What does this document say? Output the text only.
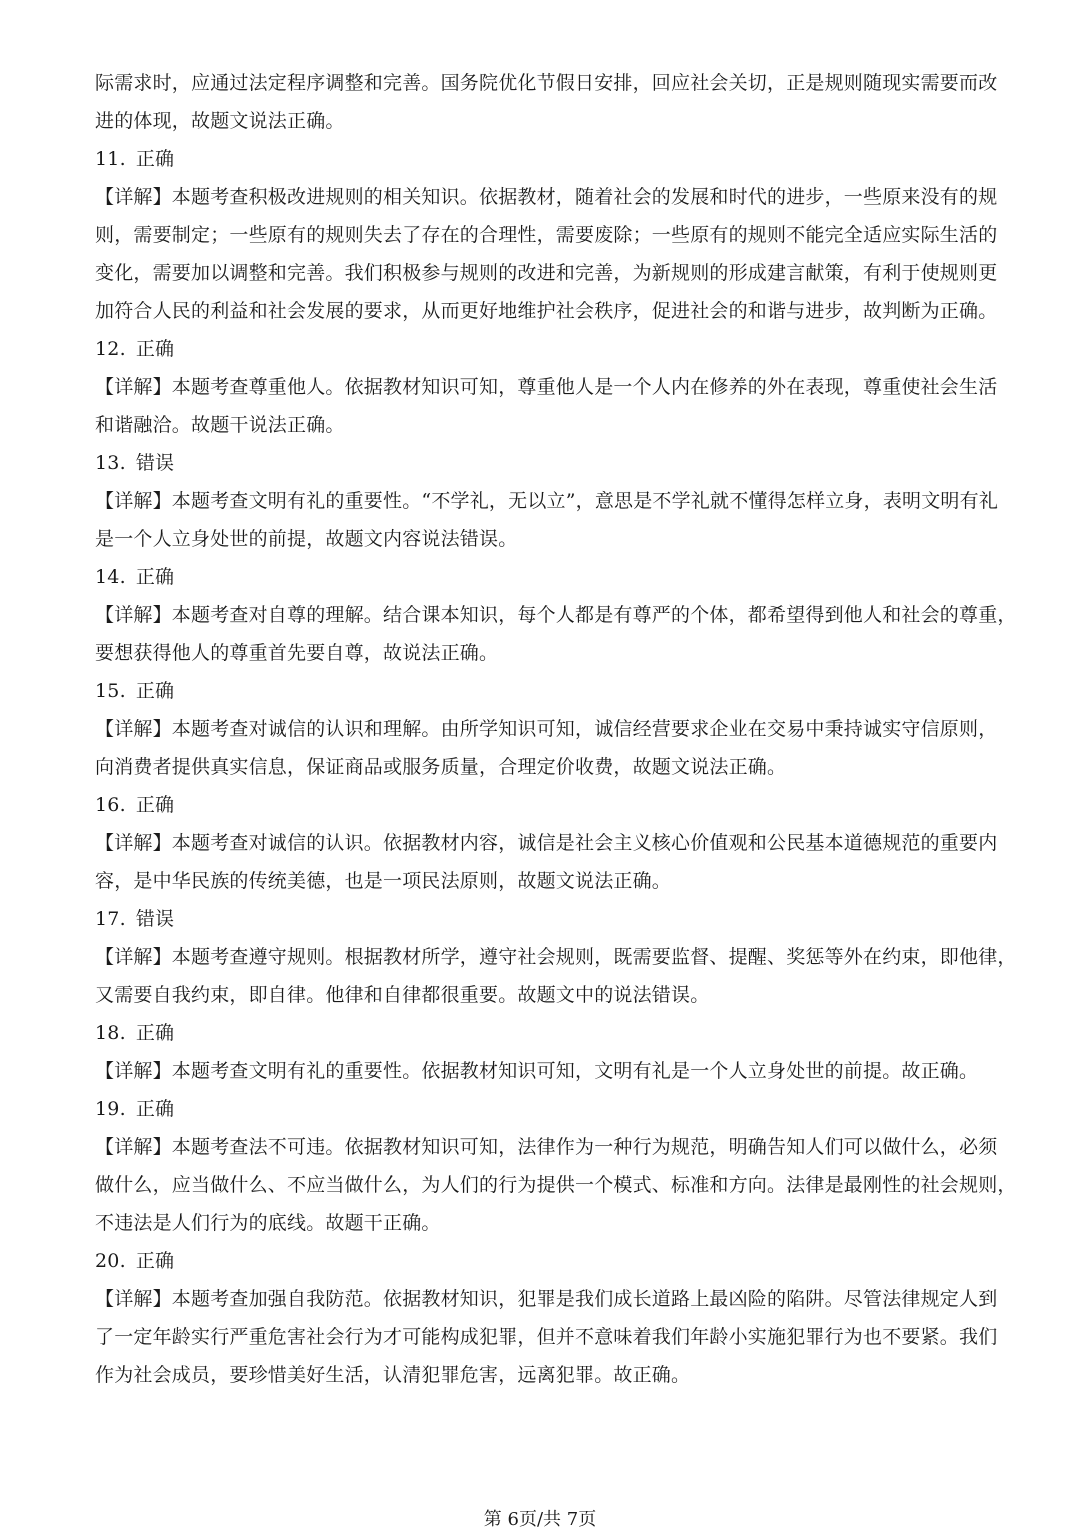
际需求时，应通过法定程序调整和完善。国务院优化节假日安排，回应社会关切，正是规则随现实需要而改
进的体现，故题文说法正确。
11. 正确
【详解】本题考查积极改进规则的相关知识。依据教材，随着社会的发展和时代的进步，一些原来没有的规
则，需要制定；一些原有的规则失去了存在的合理性，需要废除；一些原有的规则不能完全适应实际生活的
变化，需要加以调整和完善。我们积极参与规则的改进和完善，为新规则的形成建言献策，有利于使规则更
加符合人民的利益和社会发展的要求，从而更好地维护社会秩序，促进社会的和谐与进步，故判断为正确。
12. 正确
【详解】本题考查尊重他人。依据教材知识可知，尊重他人是一个人内在修养的外在表现，尊重使社会生活
和谐融洽。故题干说法正确。
13. 错误
【详解】本题考查文明有礼的重要性。“不学礼，无以立”，意思是不学礼就不懂得怎样立身，表明文明有礼
是一个人立身处世的前提，故题文内容说法错误。
14. 正确
【详解】本题考查对自尊的理解。结合课本知识，每个人都是有尊严的个体，都希望得到他人和社会的尊重，
要想获得他人的尊重首先要自尊，故说法正确。
15. 正确
【详解】本题考查对诚信的认识和理解。由所学知识可知，诚信经营要求企业在交易中秉持诚实守信原则，
向消费者提供真实信息，保证商品或服务质量，合理定价收费，故题文说法正确。
16. 正确
【详解】本题考查对诚信的认识。依据教材内容，诚信是社会主义核心价值观和公民基本道德规范的重要内
容，是中华民族的传统美德，也是一项民法原则，故题文说法正确。
17. 错误
【详解】本题考查遵守规则。根据教材所学，遵守社会规则，既需要监督、提醒、奖惩等外在约束，即他律，
又需要自我约束，即自律。他律和自律都很重要。故题文中的说法错误。
18. 正确
【详解】本题考查文明有礼的重要性。依据教材知识可知，文明有礼是一个人立身处世的前提。故正确。
19. 正确
【详解】本题考查法不可违。依据教材知识可知，法律作为一种行为规范，明确告知人们可以做什么，必须
做什么，应当做什么、不应当做什么，为人们的行为提供一个模式、标准和方向。法律是最刚性的社会规则，
不违法是人们行为的底线。故题干正确。
20. 正确
【详解】本题考查加强自我防范。依据教材知识，犯罪是我们成长道路上最凶险的陷阱。尽管法律规定人到
了一定年龄实行严重危害社会行为才可能构成犯罪，但并不意味着我们年龄小实施犯罪行为也不要紧。我们
作为社会成员，要珍惜美好生活，认清犯罪危害，远离犯罪。故正确。
第 6页/共 7页
